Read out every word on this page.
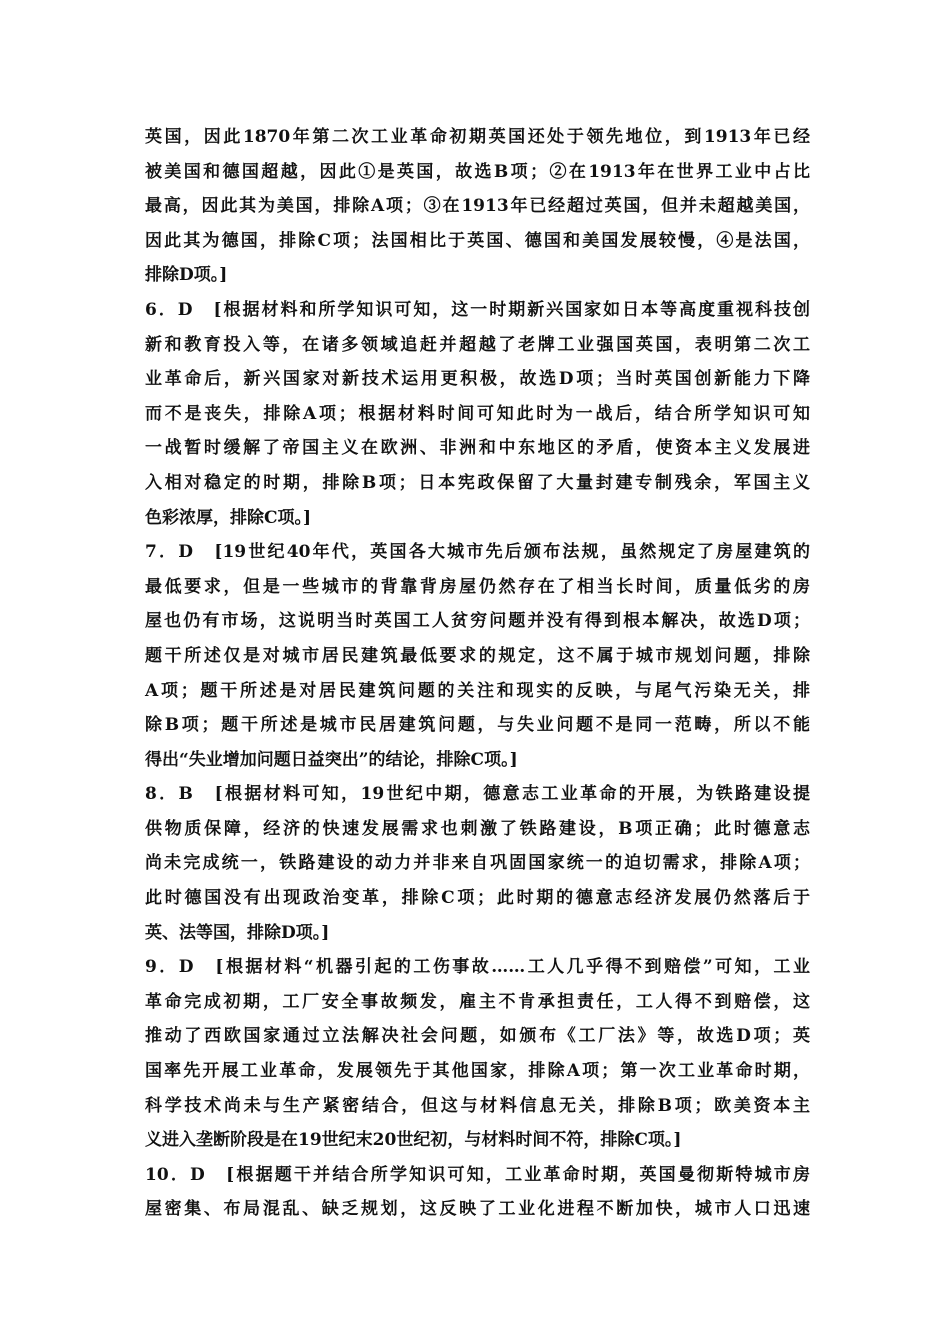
英国，因此1870年第二次工业革命初期英国还处于领先地位，到1913年已经
被美国和德国超越，因此①是英国，故选B项；②在1913年在世界工业中占比
最高，因此其为美国，排除A项；③在1913年已经超过英国，但并未超越美国，
因此其为德国，排除C项；法国相比于英国、德国和美国发展较慢，④是法国，
排除D项。]
6．D　[根据材料和所学知识可知，这一时期新兴国家如日本等高度重视科技创
新和教育投入等，在诸多领域追赶并超越了老牌工业强国英国，表明第二次工
业革命后，新兴国家对新技术运用更积极，故选D项；当时英国创新能力下降
而不是丧失，排除A项；根据材料时间可知此时为一战后，结合所学知识可知
一战暂时缓解了帝国主义在欧洲、非洲和中东地区的矛盾，使资本主义发展进
入相对稳定的时期，排除B项；日本宪政保留了大量封建专制残余，军国主义
色彩浓厚，排除C项。]
7．D　[19世纪40年代，英国各大城市先后颁布法规，虽然规定了房屋建筑的
最低要求，但是一些城市的背靠背房屋仍然存在了相当长时间，质量低劣的房
屋也仍有市场，这说明当时英国工人贫穷问题并没有得到根本解决，故选D项；
题干所述仅是对城市居民建筑最低要求的规定，这不属于城市规划问题，排除
A项；题干所述是对居民建筑问题的关注和现实的反映，与尾气污染无关，排
除B项；题干所述是城市民居建筑问题，与失业问题不是同一范畴，所以不能
得出“失业增加问题日益突出”的结论，排除C项。]
8．B　[根据材料可知，19世纪中期，德意志工业革命的开展，为铁路建设提
供物质保障，经济的快速发展需求也刺激了铁路建设，B项正确；此时德意志
尚未完成统一，铁路建设的动力并非来自巩固国家统一的迫切需求，排除A项；
此时德国没有出现政治变革，排除C项；此时期的德意志经济发展仍然落后于
英、法等国，排除D项。]
9．D　[根据材料“机器引起的工伤事故……工人几乎得不到赔偿”可知，工业
革命完成初期，工厂安全事故频发，雇主不肯承担责任，工人得不到赔偿，这
推动了西欧国家通过立法解决社会问题，如颁布《工厂法》等，故选D项；英
国率先开展工业革命，发展领先于其他国家，排除A项；第一次工业革命时期，
科学技术尚未与生产紧密结合，但这与材料信息无关，排除B项；欧美资本主
义进入垄断阶段是在19世纪末20世纪初，与材料时间不符，排除C项。]
10．D　[根据题干并结合所学知识可知，工业革命时期，英国曼彻斯特城市房
屋密集、布局混乱、缺乏规划，这反映了工业化进程不断加快，城市人口迅速
